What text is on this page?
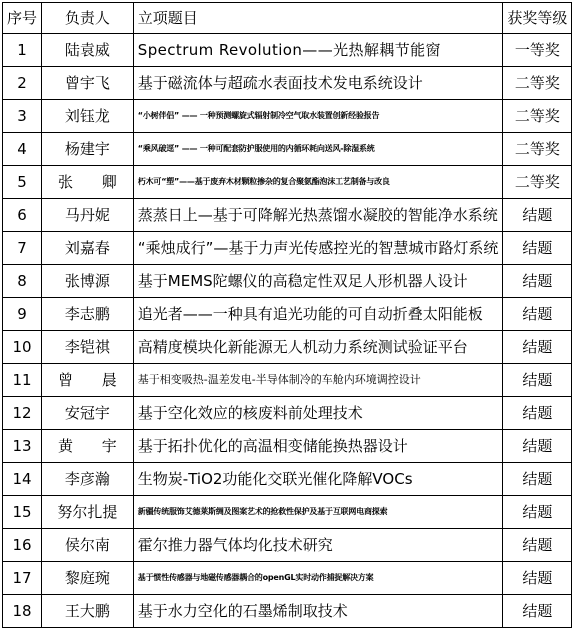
序号	负责人	立项题目	获奖等级
1	陆袁威	Spectrum Revolution——光热解耦节能窗	一等奖
2	曾宇飞	基于磁流体与超疏水表面技术发电系统设计	二等奖
3	刘钰龙	“小树伴侣” —— 一种预测螺旋式辐射制冷空气取水装置创新经验报告	二等奖
4	杨建宇	“乘风破逕” —— 一种可配套防护服使用的内循环耗向送风-除湿系统	二等奖
5	张 卿	朽木可“塑”——基于废弃木材颗粒掺杂的复合聚氨酯泡沫工艺制备与改良	二等奖
6	马丹妮	蒸蒸日上—基于可降解光热蒸馏水凝胶的智能净水系统	结题
7	刘嘉春	“乘烛成行”—基于力声光传感控光的智慧城市路灯系统	结题
8	张博源	基于MEMS陀螺仪的高稳定性双足人形机器人设计	结题
9	李志鹏	追光者——一种具有追光功能的可自动折叠太阳能板	结题
10	李铠祺	高精度模块化新能源无人机动力系统测试验证平台	结题
11	曾 晨	基于相变吸热-温差发电-半导体制冷的车舱内环境调控设计	结题
12	安冠宇	基于空化效应的核废料前处理技术	结题
13	黄 宇	基于拓扑优化的高温相变储能换热器设计	结题
14	李彦瀚	生物炭-TiO2功能化交联光催化降解VOCs	结题
15	努尔扎提	新疆传统服饰艾德莱斯绸及图案艺术的抢救性保护及基于互联网电商探索	结题
16	侯尔南	霍尔推力器气体均化技术研究	结题
17	黎庭琬	基于惯性传感器与地磁传感器耦合的openGL实时动作捕捉解决方案	结题
18	王大鹏	基于水力空化的石墨烯制取技术	结题
